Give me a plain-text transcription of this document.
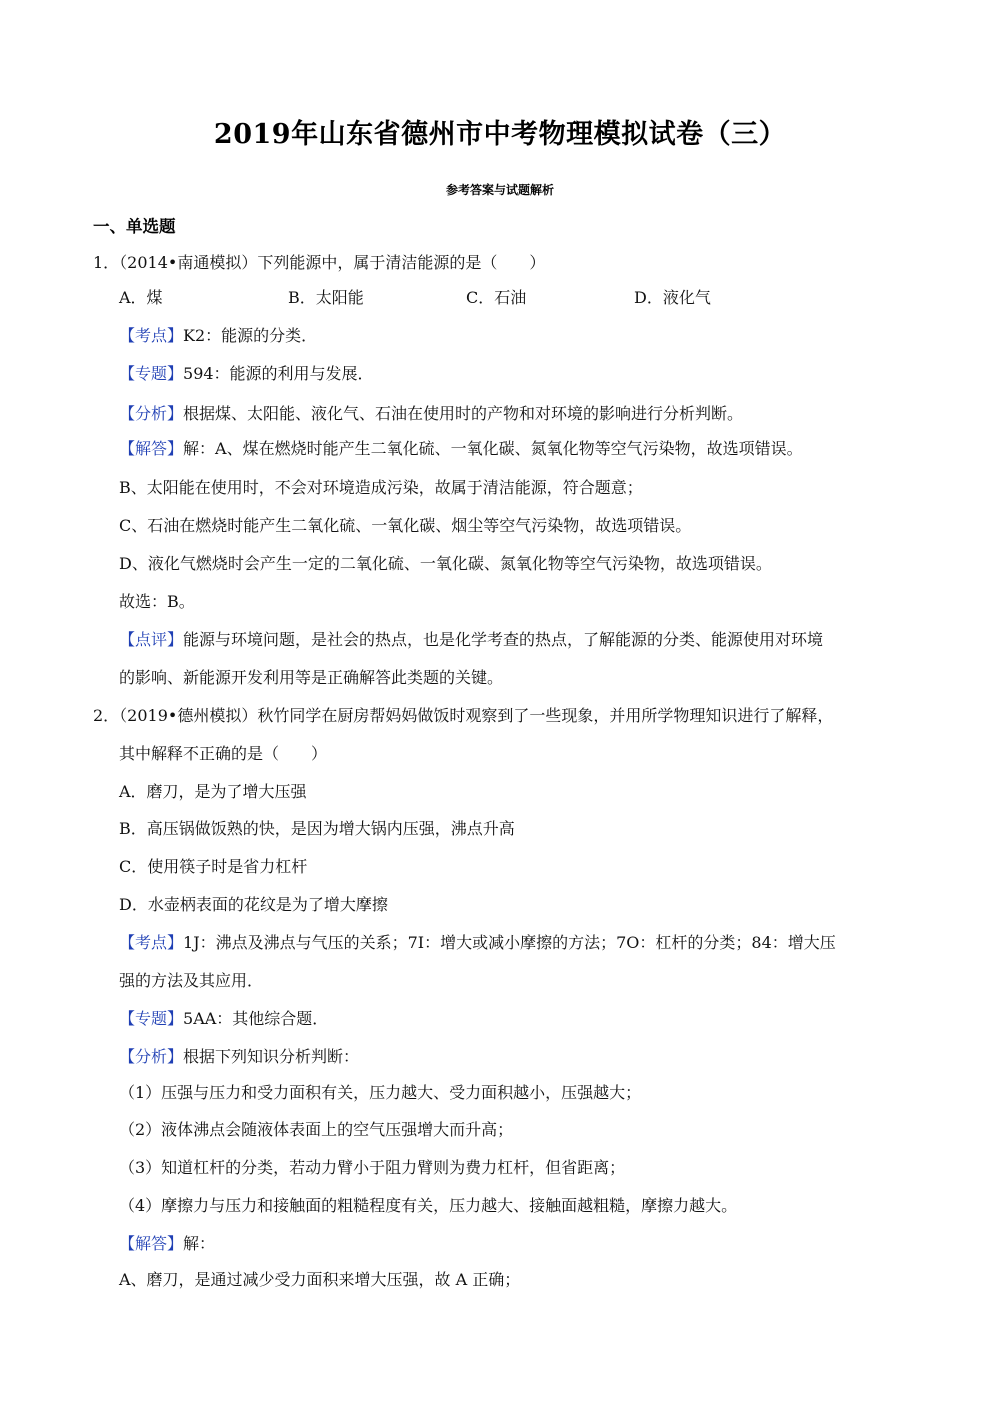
2019年山东省德州市中考物理模拟试卷（三）
参考答案与试题解析
一、单选题
1．（2014•南通模拟）下列能源中，属于清洁能源的是（　　）
A．煤	B．太阳能	C．石油	D．液化气
【考点】K2：能源的分类．
【专题】594：能源的利用与发展．
【分析】根据煤、太阳能、液化气、石油在使用时的产物和对环境的影响进行分析判断。
【解答】解：A、煤在燃烧时能产生二氧化硫、一氧化碳、氮氧化物等空气污染物，故选项错误。
B、太阳能在使用时，不会对环境造成污染，故属于清洁能源，符合题意；
C、石油在燃烧时能产生二氧化硫、一氧化碳、烟尘等空气污染物，故选项错误。
D、液化气燃烧时会产生一定的二氧化硫、一氧化碳、氮氧化物等空气污染物，故选项错误。
故选：B。
【点评】能源与环境问题，是社会的热点，也是化学考查的热点，了解能源的分类、能源使用对环境
的影响、新能源开发利用等是正确解答此类题的关键。
2．（2019•德州模拟）秋竹同学在厨房帮妈妈做饭时观察到了一些现象，并用所学物理知识进行了解释，
其中解释不正确的是（　　）
A．磨刀，是为了增大压强
B．高压锅做饭熟的快，是因为增大锅内压强，沸点升高
C．使用筷子时是省力杠杆
D．水壶柄表面的花纹是为了增大摩擦
【考点】1J：沸点及沸点与气压的关系；7I：增大或减小摩擦的方法；7O：杠杆的分类；84：增大压
强的方法及其应用．
【专题】5AA：其他综合题．
【分析】根据下列知识分析判断：
（1）压强与压力和受力面积有关，压力越大、受力面积越小，压强越大；
（2）液体沸点会随液体表面上的空气压强增大而升高；
（3）知道杠杆的分类，若动力臂小于阻力臂则为费力杠杆，但省距离；
（4）摩擦力与压力和接触面的粗糙程度有关，压力越大、接触面越粗糙，摩擦力越大。
【解答】解：
A、磨刀，是通过减少受力面积来增大压强，故 A 正确；
